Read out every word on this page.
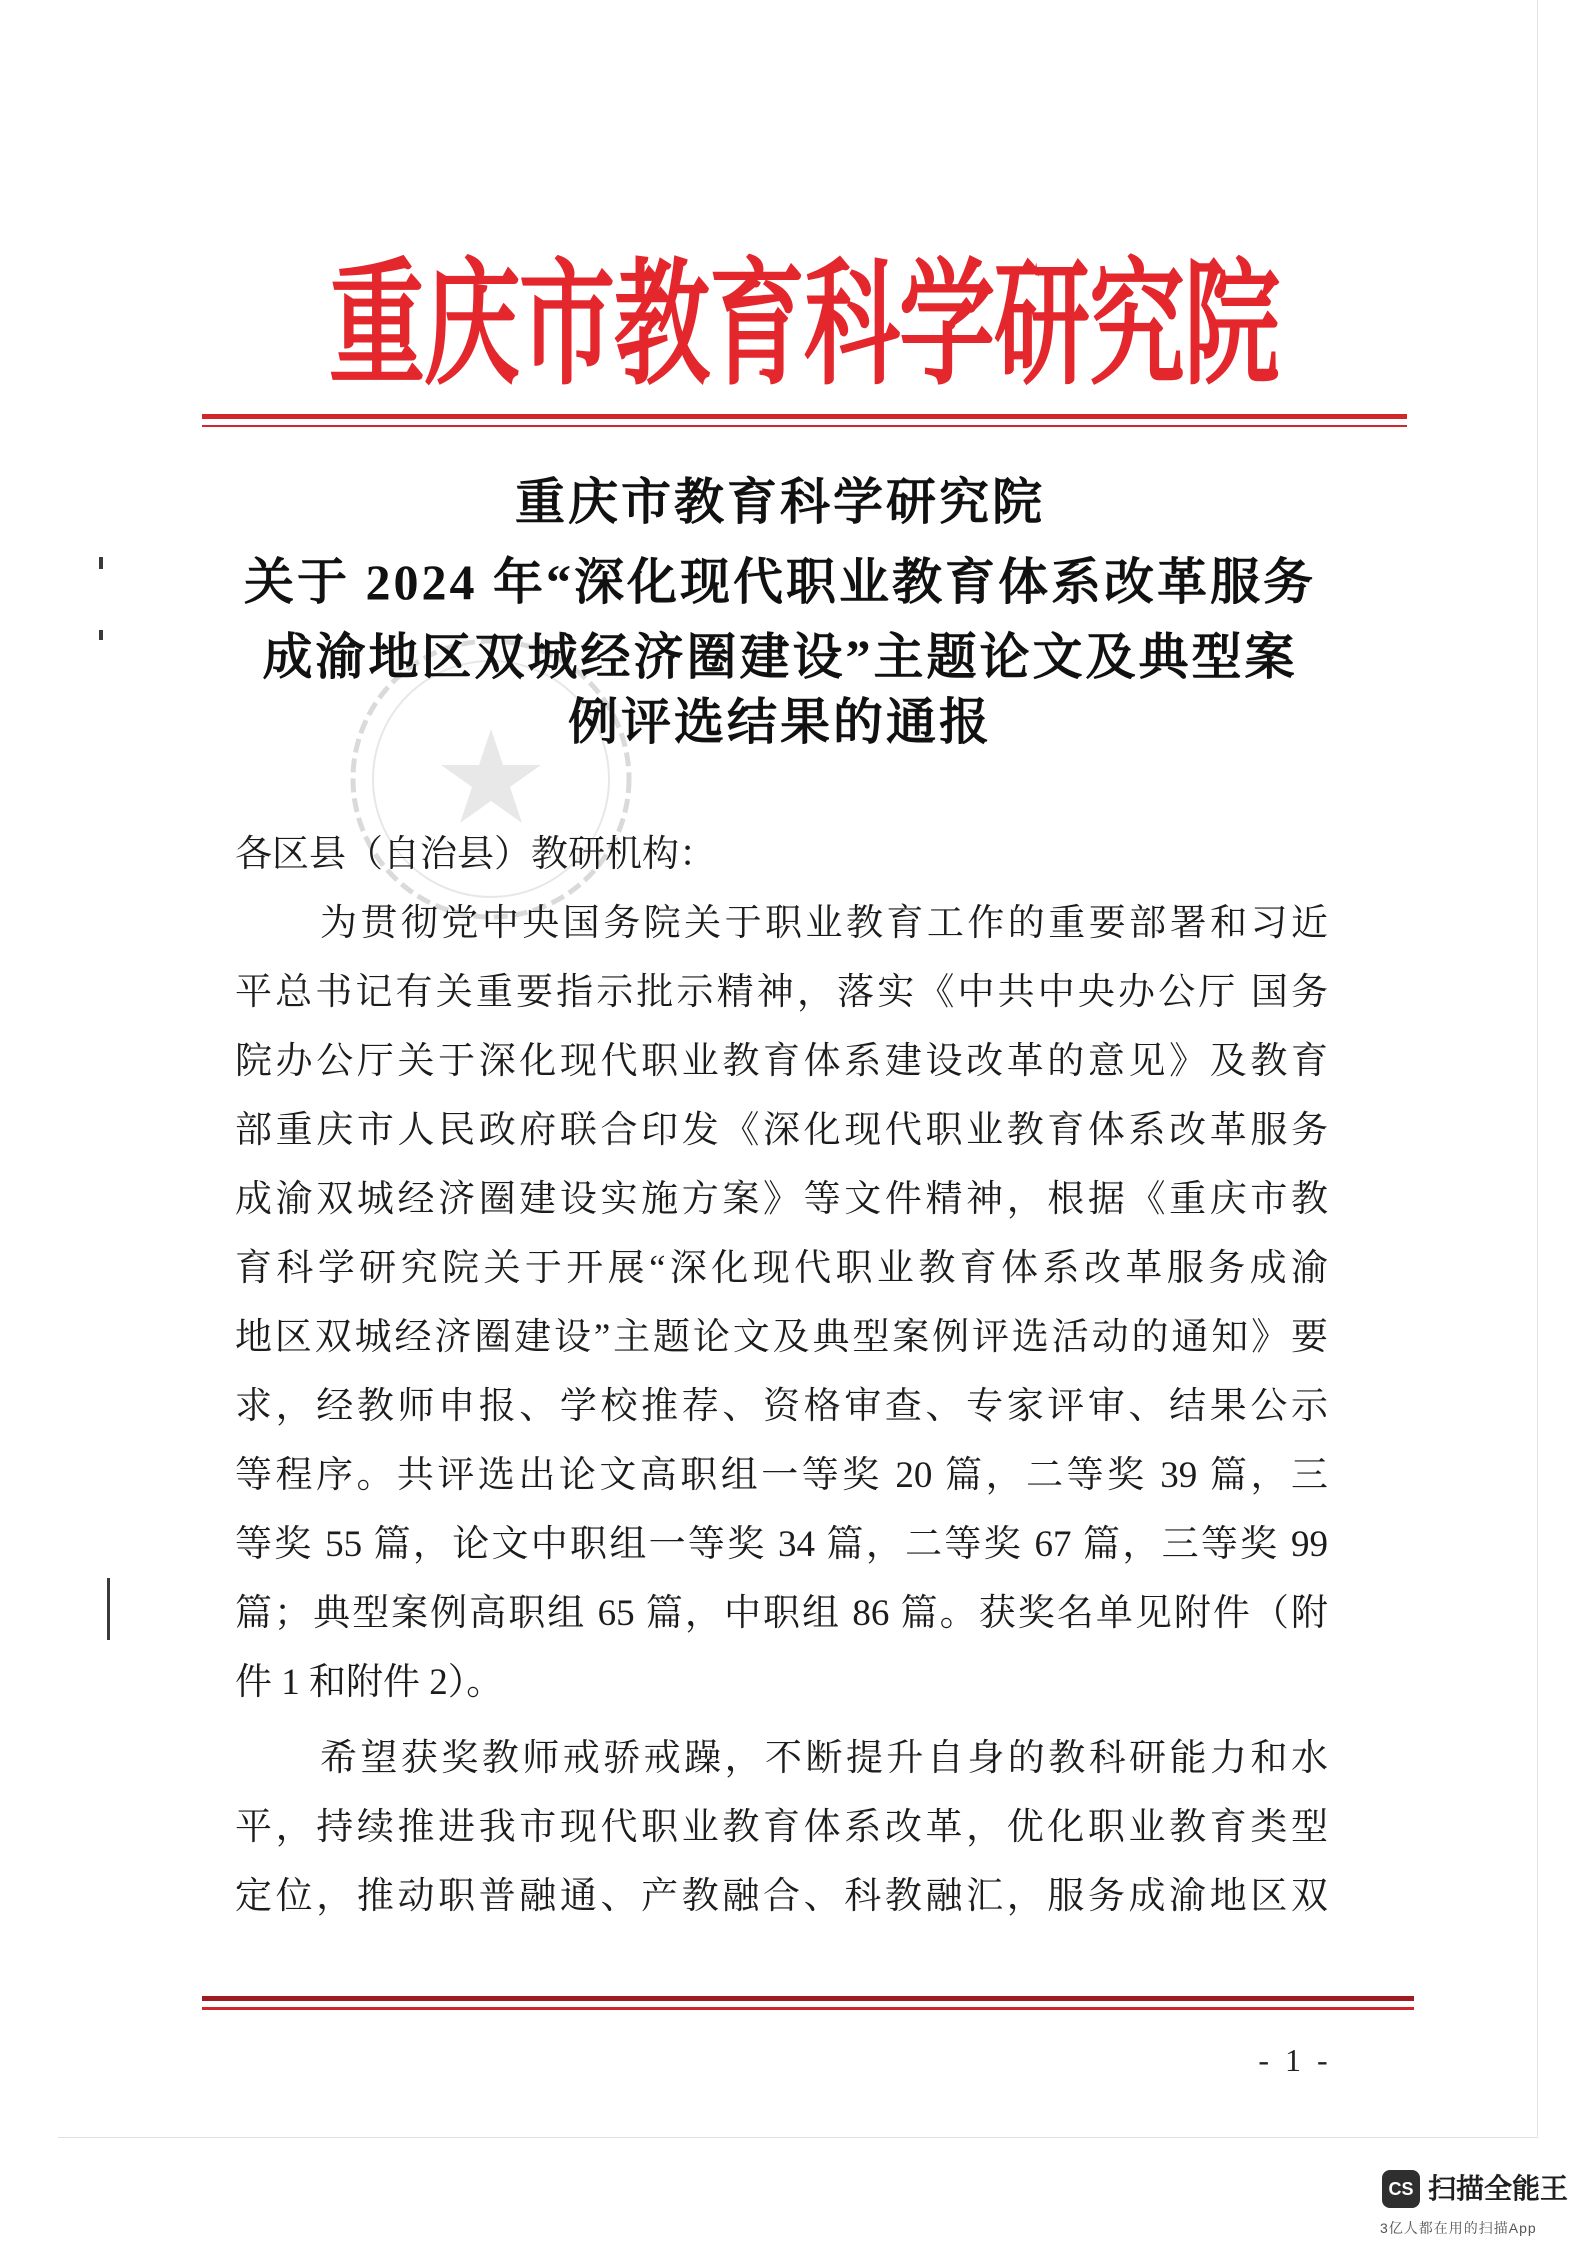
重庆市教育科学研究院
重庆市教育科学研究院
关于 2024 年“深化现代职业教育体系改革服务
成渝地区双城经济圈建设”主题论文及典型案
例评选结果的通报
各区县（自治县）教研机构：
为贯彻党中央国务院关于职业教育工作的重要部署和习近
平总书记有关重要指示批示精神，落实《中共中央办公厅 国务
院办公厅关于深化现代职业教育体系建设改革的意见》及教育
部重庆市人民政府联合印发《深化现代职业教育体系改革服务
成渝双城经济圈建设实施方案》等文件精神，根据《重庆市教
育科学研究院关于开展“深化现代职业教育体系改革服务成渝
地区双城经济圈建设”主题论文及典型案例评选活动的通知》要
求，经教师申报、学校推荐、资格审查、专家评审、结果公示
等程序。共评选出论文高职组一等奖 20 篇，二等奖 39 篇，三
等奖 55 篇，论文中职组一等奖 34 篇，二等奖 67 篇，三等奖 99
篇；典型案例高职组 65 篇，中职组 86 篇。获奖名单见附件（附
件 1 和附件 2）。
希望获奖教师戒骄戒躁，不断提升自身的教科研能力和水
平，持续推进我市现代职业教育体系改革，优化职业教育类型
定位，推动职普融通、产教融合、科教融汇，服务成渝地区双
- 1 -
CS 扫描全能王
3亿人都在用的扫描App
